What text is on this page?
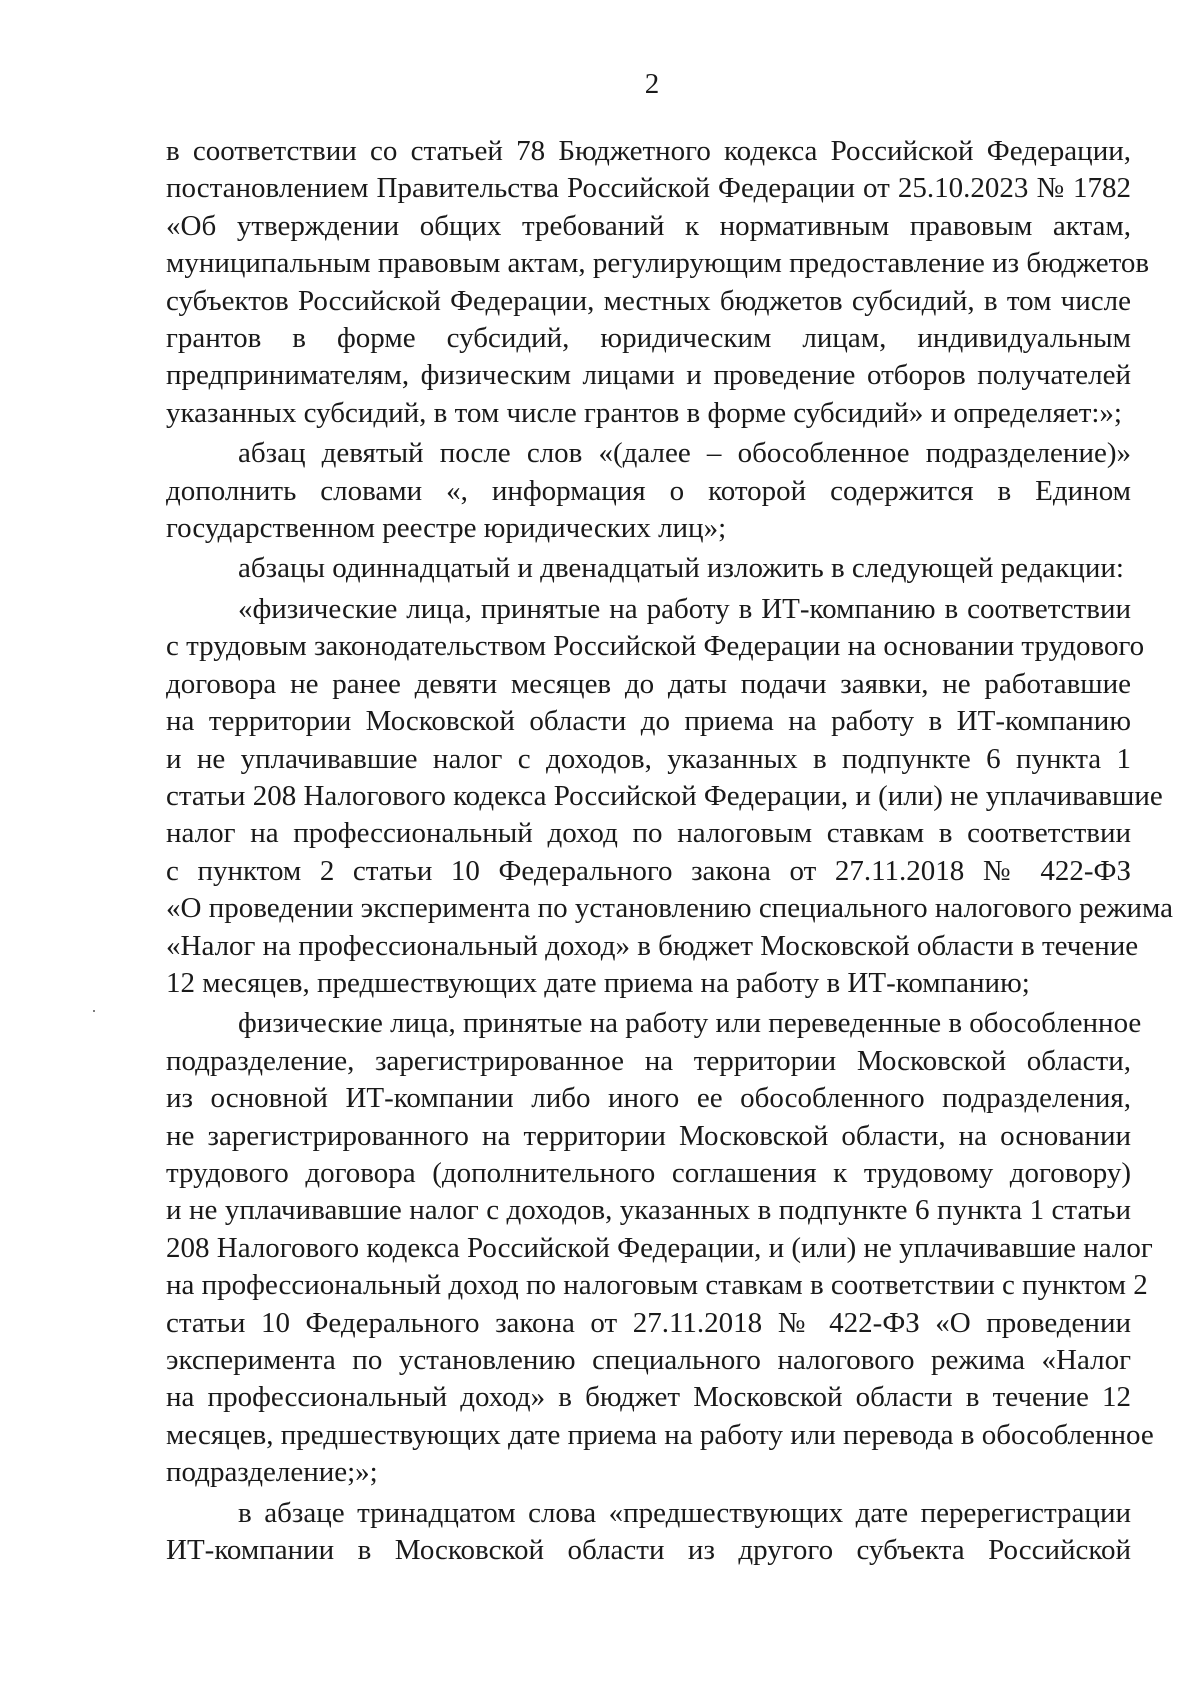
2
в соответствии со статьей 78 Бюджетного кодекса Российской Федерации,
постановлением Правительства Российской Федерации от 25.10.2023 № 1782
«Об утверждении общих требований к нормативным правовым актам,
муниципальным правовым актам, регулирующим предоставление из бюджетов
субъектов Российской Федерации, местных бюджетов субсидий, в том числе
грантов в форме субсидий, юридическим лицам, индивидуальным
предпринимателям, физическим лицами и проведение отборов получателей
указанных субсидий, в том числе грантов в форме субсидий» и определяет:»;
абзац девятый после слов «(далее – обособленное подразделение)»
дополнить словами «, информация о которой содержится в Едином
государственном реестре юридических лиц»;
абзацы одиннадцатый и двенадцатый изложить в следующей редакции:
«физические лица, принятые на работу в ИТ-компанию в соответствии
с трудовым законодательством Российской Федерации на основании трудового
договора не ранее девяти месяцев до даты подачи заявки, не работавшие
на территории Московской области до приема на работу в ИТ-компанию
и не уплачивавшие налог с доходов, указанных в подпункте 6 пункта 1
статьи 208 Налогового кодекса Российской Федерации, и (или) не уплачивавшие
налог на профессиональный доход по налоговым ставкам в соответствии
с пунктом 2 статьи 10 Федерального закона от 27.11.2018 № 422-ФЗ
«О проведении эксперимента по установлению специального налогового режима
«Налог на профессиональный доход» в бюджет Московской области в течение
12 месяцев, предшествующих дате приема на работу в ИТ-компанию;
физические лица, принятые на работу или переведенные в обособленное
подразделение, зарегистрированное на территории Московской области,
из основной ИТ-компании либо иного ее обособленного подразделения,
не зарегистрированного на территории Московской области, на основании
трудового договора (дополнительного соглашения к трудовому договору)
и не уплачивавшие налог с доходов, указанных в подпункте 6 пункта 1 статьи
208 Налогового кодекса Российской Федерации, и (или) не уплачивавшие налог
на профессиональный доход по налоговым ставкам в соответствии с пунктом 2
статьи 10 Федерального закона от 27.11.2018 № 422-ФЗ «О проведении
эксперимента по установлению специального налогового режима «Налог
на профессиональный доход» в бюджет Московской области в течение 12
месяцев, предшествующих дате приема на работу или перевода в обособленное
подразделение;»;
в абзаце тринадцатом слова «предшествующих дате перерегистрации
ИТ-компании в Московской области из другого субъекта Российской
